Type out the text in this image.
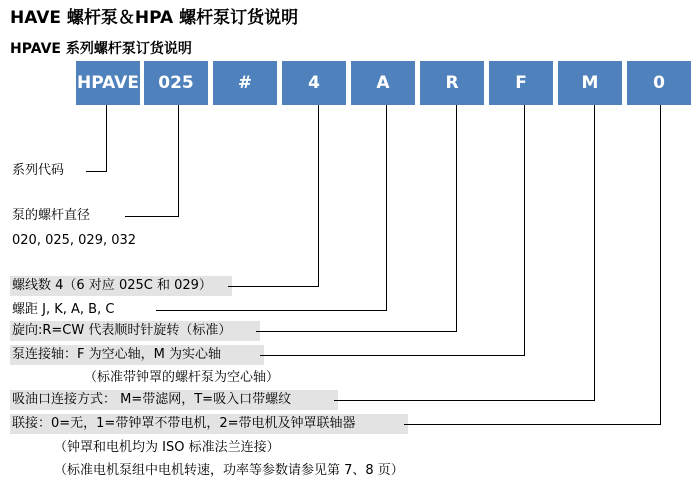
HAVE 螺杆泵＆HPA 螺杆泵订货说明
HPAVE 系列螺杆泵订货说明
HPAVE	025	#	4	A	R	F	M	0
系列代码
泵的螺杆直径
020, 025, 029, 032
螺线数 4（6 对应 025C 和 029）
螺距 J, K, A, B, C
旋向:R=CW 代表顺时针旋转（标准）
泵连接轴：F 为空心轴，M 为实心轴
（标准带钟罩的螺杆泵为空心轴）
吸油口连接方式： M=带滤网，T=吸入口带螺纹
联接：0=无，1=带钟罩不带电机，2=带电机及钟罩联轴器
（钟罩和电机均为 ISO 标准法兰连接）
（标准电机泵组中电机转速，功率等参数请参见第 7、8 页）
